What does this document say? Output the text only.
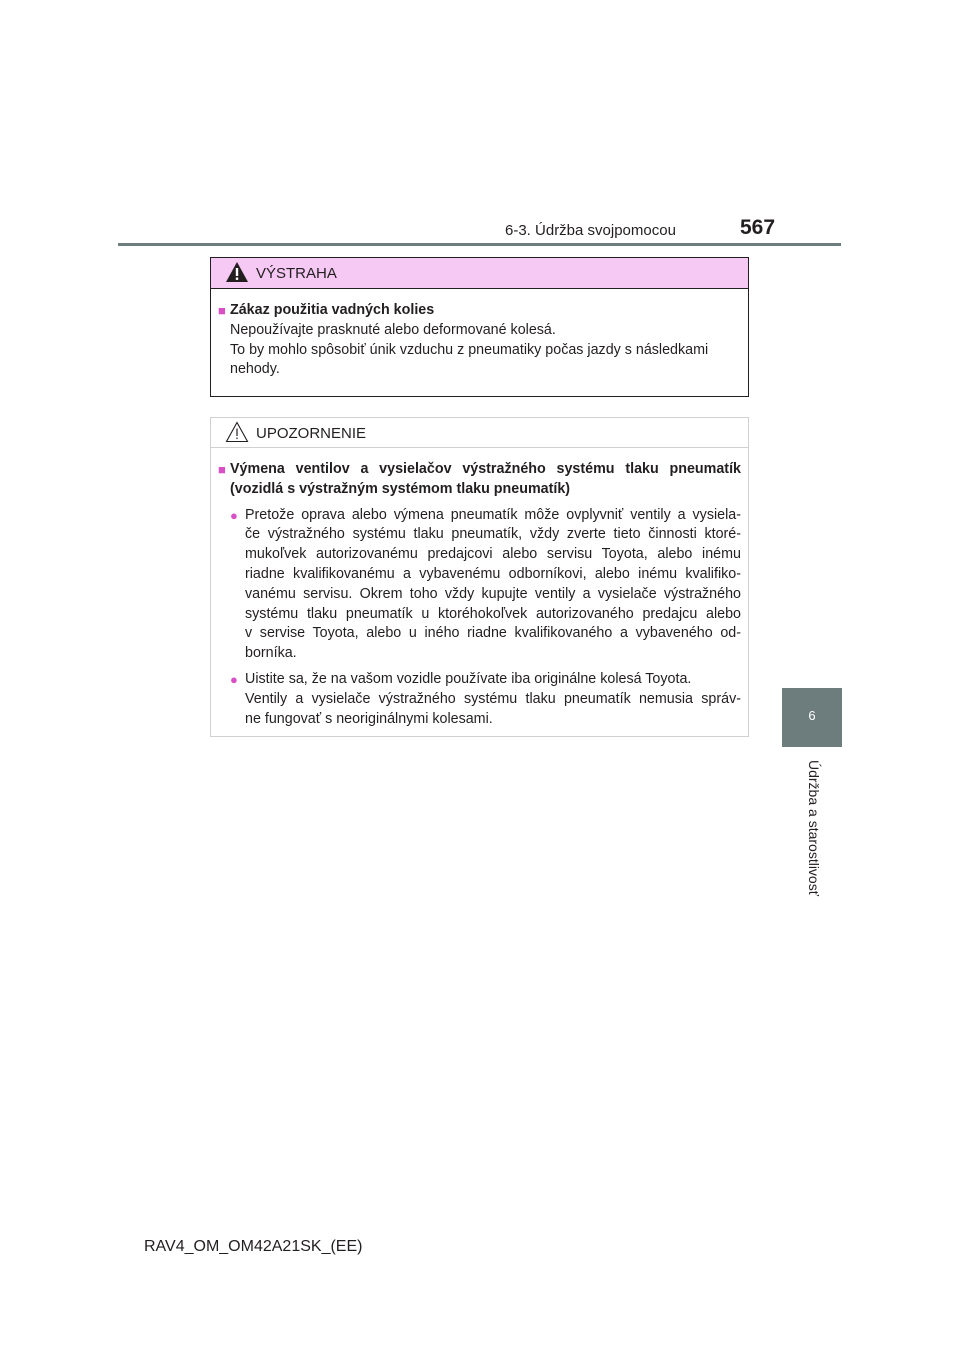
6-3. Údržba svojpomocou	567
6
Údržba a starostlivosť
VÝSTRAHA
■ Zákaz použitia vadných kolies
Nepoužívajte prasknuté alebo deformované kolesá.
To by mohlo spôsobiť únik vzduchu z pneumatiky počas jazdy s následkami
nehody.
UPOZORNENIE
■ Výmena ventilov a vysielačov výstražného systému tlaku pneumatík
(vozidlá s výstražným systémom tlaku pneumatík)
● Pretože oprava alebo výmena pneumatík môže ovplyvniť ventily a vysiela-
če výstražného systému tlaku pneumatík, vždy zverte tieto činnosti ktoré-
mukoľvek autorizovanému predajcovi alebo servisu Toyota, alebo inému
riadne kvalifikovanému a vybavenému odborníkovi, alebo inému kvalifiko-
vanému servisu. Okrem toho vždy kupujte ventily a vysielače výstražného
systému tlaku pneumatík u ktoréhokoľvek autorizovaného predajcu alebo
v servise Toyota, alebo u iného riadne kvalifikovaného a vybaveného od-
borníka.
● Uistite sa, že na vašom vozidle používate iba originálne kolesá Toyota.
Ventily a vysielače výstražného systému tlaku pneumatík nemusia správ-
ne fungovať s neoriginálnymi kolesami.
RAV4_OM_OM42A21SK_(EE)
